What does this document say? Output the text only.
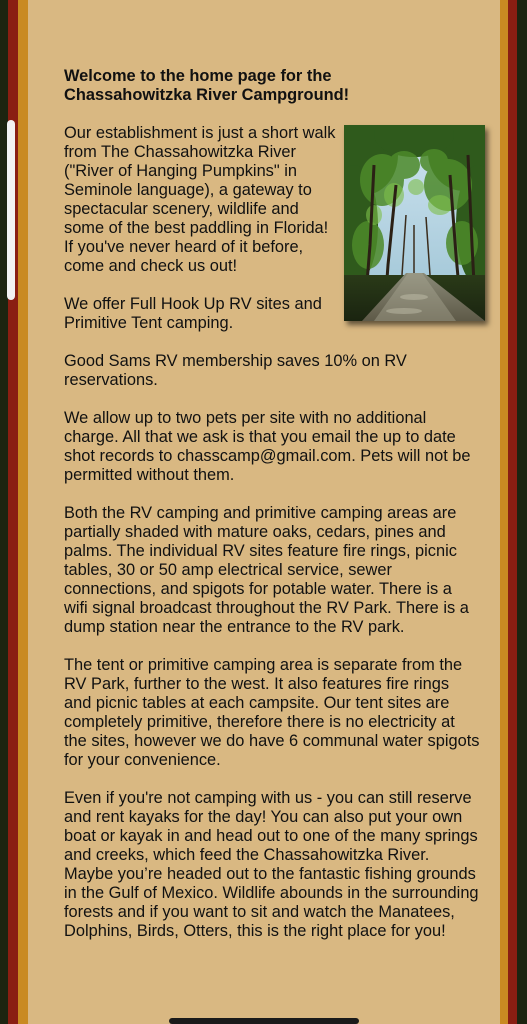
Welcome to the home page for the
Chassahowitzka River Campground!

Our establishment is just a short walk from The Chassahowitzka River ("River of Hanging Pumpkins" in Seminole language), a gateway to spectacular scenery, wildlife and some of the best paddling in Florida! If you've never heard of it before, come and check us out!

We offer Full Hook Up RV sites and Primitive Tent camping.

Good Sams RV membership saves 10% on RV reservations.

We allow up to two pets per site with no additional charge. All that we ask is that you email the up to date shot records to chasscamp@gmail.com. Pets will not be permitted without them.

Both the RV camping and primitive camping areas are partially shaded with mature oaks, cedars, pines and palms. The individual RV sites feature fire rings, picnic tables, 30 or 50 amp electrical service, sewer connections, and spigots for potable water. There is a wifi signal broadcast throughout the RV Park. There is a dump station near the entrance to the RV park.

The tent or primitive camping area is separate from the RV Park, further to the west. It also features fire rings and picnic tables at each campsite. Our tent sites are completely primitive, therefore there is no electricity at the sites, however we do have 6 communal water spigots for your convenience.

Even if you're not camping with us - you can still reserve and rent kayaks for the day! You can also put your own boat or kayak in and head out to one of the many springs and creeks, which feed the Chassahowitzka River. Maybe you’re headed out to the fantastic fishing grounds in the Gulf of Mexico. Wildlife abounds in the surrounding forests and if you want to sit and watch the Manatees, Dolphins, Birds, Otters, this is the right place for you!
